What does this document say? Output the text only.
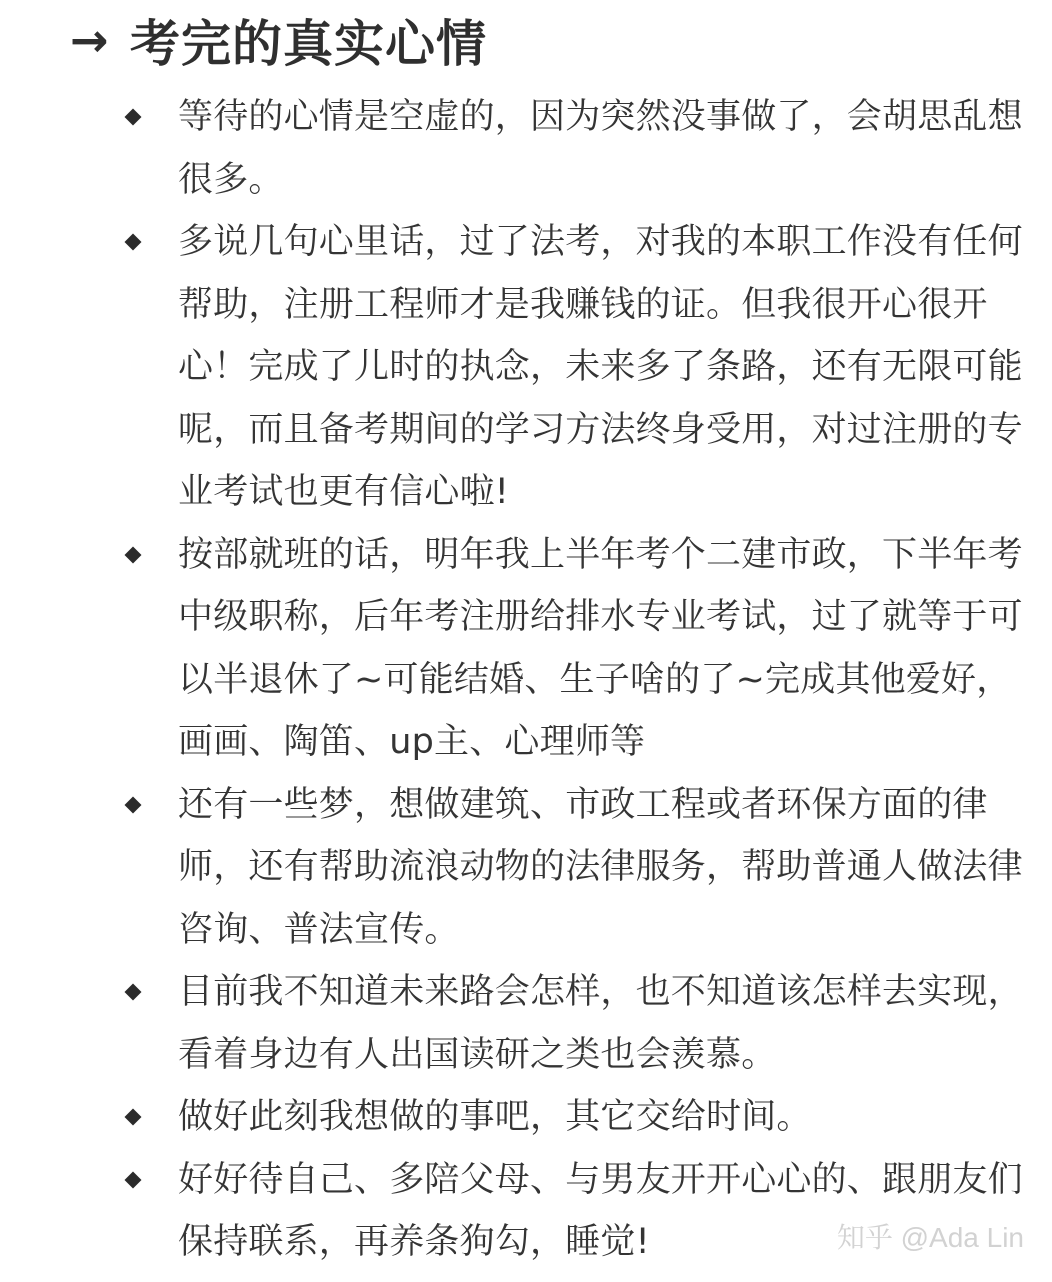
→ 考完的真实心情
等待的心情是空虚的，因为突然没事做了，会胡思乱想很多。
多说几句心里话，过了法考，对我的本职工作没有任何帮助，注册工程师才是我赚钱的证。但我很开心很开心！完成了儿时的执念，未来多了条路，还有无限可能呢，而且备考期间的学习方法终身受用，对过注册的专业考试也更有信心啦!
按部就班的话，明年我上半年考个二建市政，下半年考中级职称，后年考注册给排水专业考试，过了就等于可以半退休了~可能结婚、生子啥的了~完成其他爱好，画画、陶笛、up主、心理师等
还有一些梦，想做建筑、市政工程或者环保方面的律师，还有帮助流浪动物的法律服务，帮助普通人做法律咨询、普法宣传。
目前我不知道未来路会怎样，也不知道该怎样去实现，看着身边有人出国读研之类也会羡慕。
做好此刻我想做的事吧，其它交给时间。
好好待自己、多陪父母、与男友开开心心的、跟朋友们保持联系，再养条狗勾，睡觉!	知乎 @Ada Lin
